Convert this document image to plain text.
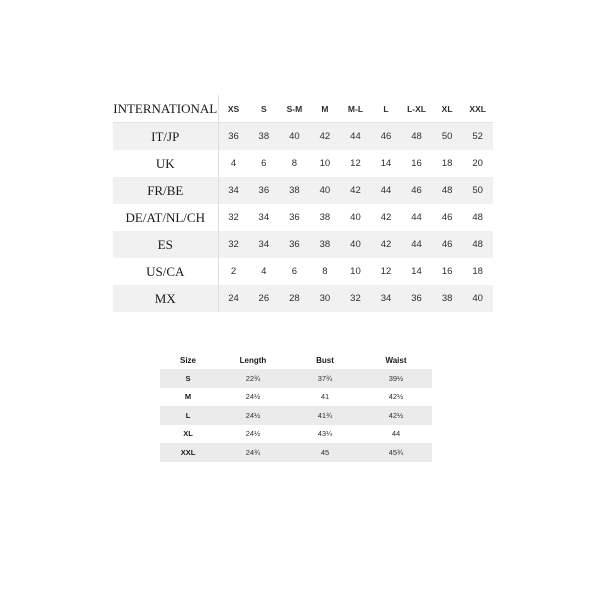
INTERNATIONAL	XS	S	S-M	M	M-L	L	L-XL	XL	XXL
IT/JP	36	38	40	42	44	46	48	50	52
UK	4	6	8	10	12	14	16	18	20
FR/BE	34	36	38	40	42	44	46	48	50
DE/AT/NL/CH	32	34	36	38	40	42	44	46	48
ES	32	34	36	38	40	42	44	46	48
US/CA	2	4	6	8	10	12	14	16	18
MX	24	26	28	30	32	34	36	38	40
Size	Length	Bust	Waist
S	22¾	37¾	39½
M	24½	41	42½
L	24½	41¾	42½
XL	24½	43¼	44
XXL	24¾	45	45¾
